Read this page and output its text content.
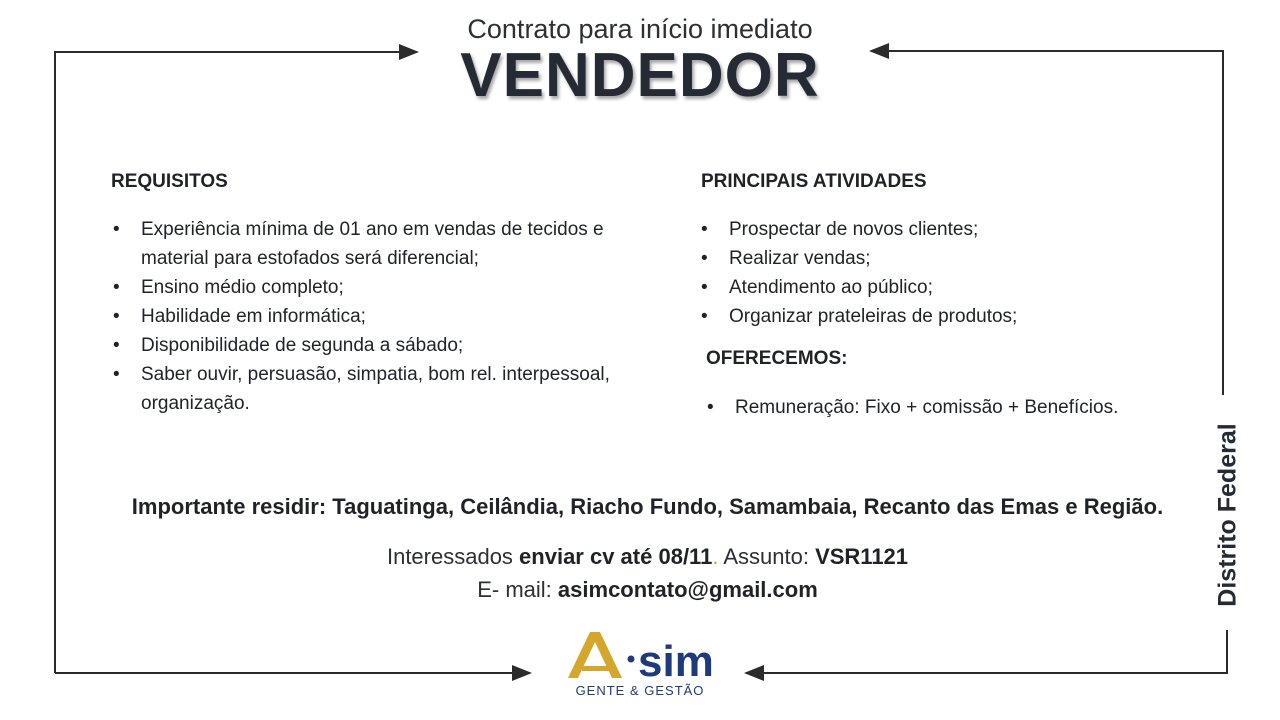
Contrato para início imediato
VENDEDOR
REQUISITOS
• Experiência mínima de 01 ano em vendas de tecidos e material para estofados será diferencial;
• Ensino médio completo;
• Habilidade em informática;
• Disponibilidade de segunda a sábado;
• Saber ouvir, persuasão, simpatia, bom rel. interpessoal, organização.
PRINCIPAIS ATIVIDADES
• Prospectar de novos clientes;
• Realizar vendas;
• Atendimento ao público;
• Organizar prateleiras de produtos;
OFERECEMOS:
• Remuneração: Fixo + comissão + Benefícios.
Importante residir: Taguatinga, Ceilândia, Riacho Fundo, Samambaia, Recanto das Emas e Região.
Interessados enviar cv até 08/11. Assunto: VSR1121
E- mail: asimcontato@gmail.com	Distrito Federal
sim
GENTE & GESTÃO
